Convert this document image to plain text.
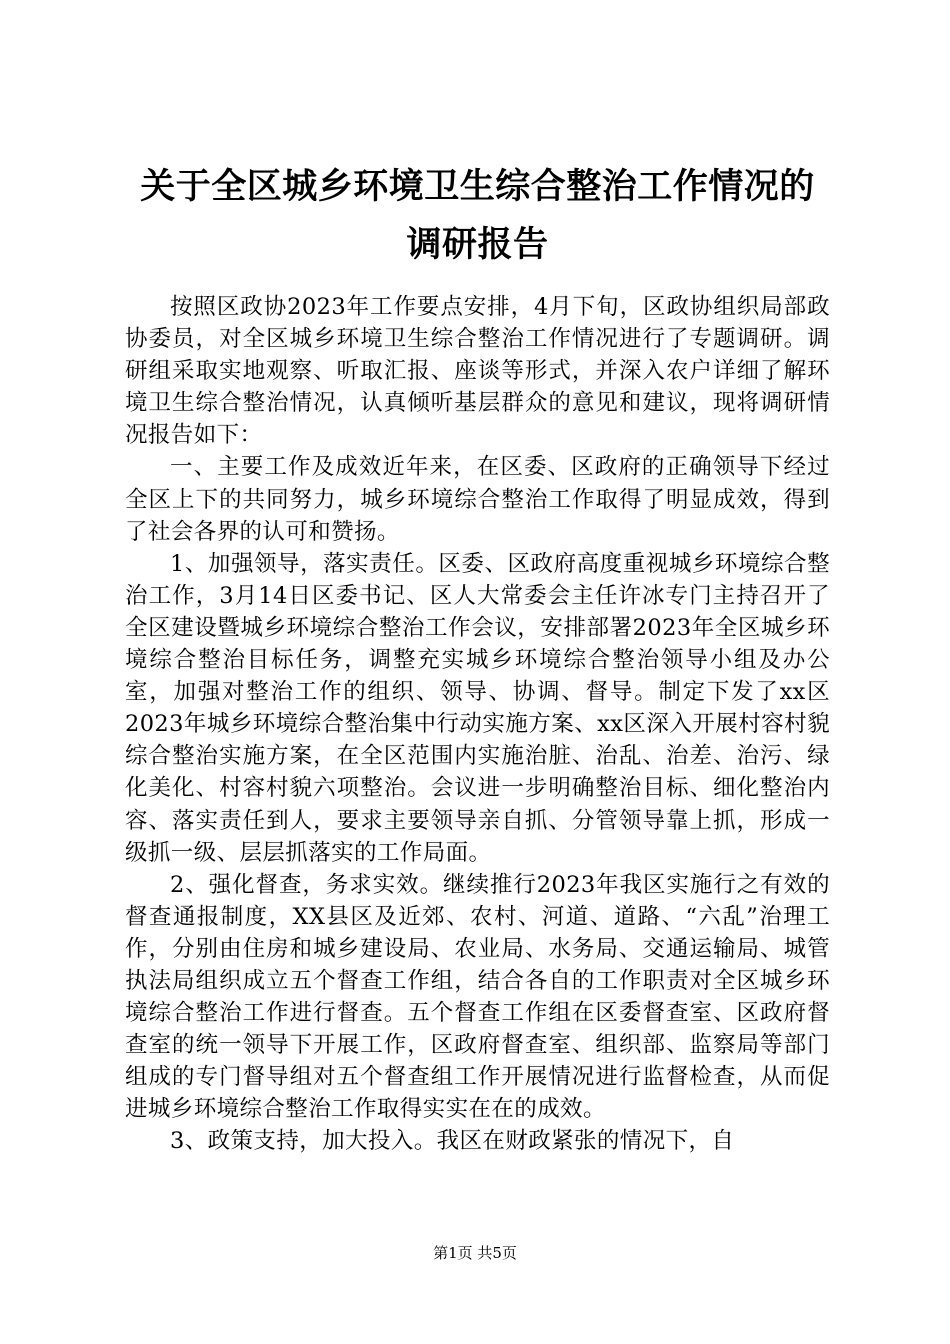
关于全区城乡环境卫生综合整治工作情况的调研报告

按照区政协2023年工作要点安排，4月下旬，区政协组织局部政协委员，对全区城乡环境卫生综合整治工作情况进行了专题调研。调研组采取实地观察、听取汇报、座谈等形式，并深入农户详细了解环境卫生综合整治情况，认真倾听基层群众的意见和建议，现将调研情况报告如下：

一、主要工作及成效近年来，在区委、区政府的正确领导下经过全区上下的共同努力，城乡环境综合整治工作取得了明显成效，得到了社会各界的认可和赞扬。

1、加强领导，落实责任。区委、区政府高度重视城乡环境综合整治工作，3月14日区委书记、区人大常委会主任许冰专门主持召开了全区建设暨城乡环境综合整治工作会议，安排部署2023年全区城乡环境综合整治目标任务，调整充实城乡环境综合整治领导小组及办公室，加强对整治工作的组织、领导、协调、督导。制定下发了xx区2023年城乡环境综合整治集中行动实施方案、xx区深入开展村容村貌综合整治实施方案，在全区范围内实施治脏、治乱、治差、治污、绿化美化、村容村貌六项整治。会议进一步明确整治目标、细化整治内容、落实责任到人，要求主要领导亲自抓、分管领导靠上抓，形成一级抓一级、层层抓落实的工作局面。

2、强化督查，务求实效。继续推行2023年我区实施行之有效的督查通报制度，XX县区及近郊、农村、河道、道路、“六乱”治理工作，分别由住房和城乡建设局、农业局、水务局、交通运输局、城管执法局组织成立五个督查工作组，结合各自的工作职责对全区城乡环境综合整治工作进行督查。五个督查工作组在区委督查室、区政府督查室的统一领导下开展工作，区政府督查室、组织部、监察局等部门组成的专门督导组对五个督查组工作开展情况进行监督检查，从而促进城乡环境综合整治工作取得实实在在的成效。

3、政策支持，加大投入。我区在财政紧张的情况下，自

第1页 共5页
